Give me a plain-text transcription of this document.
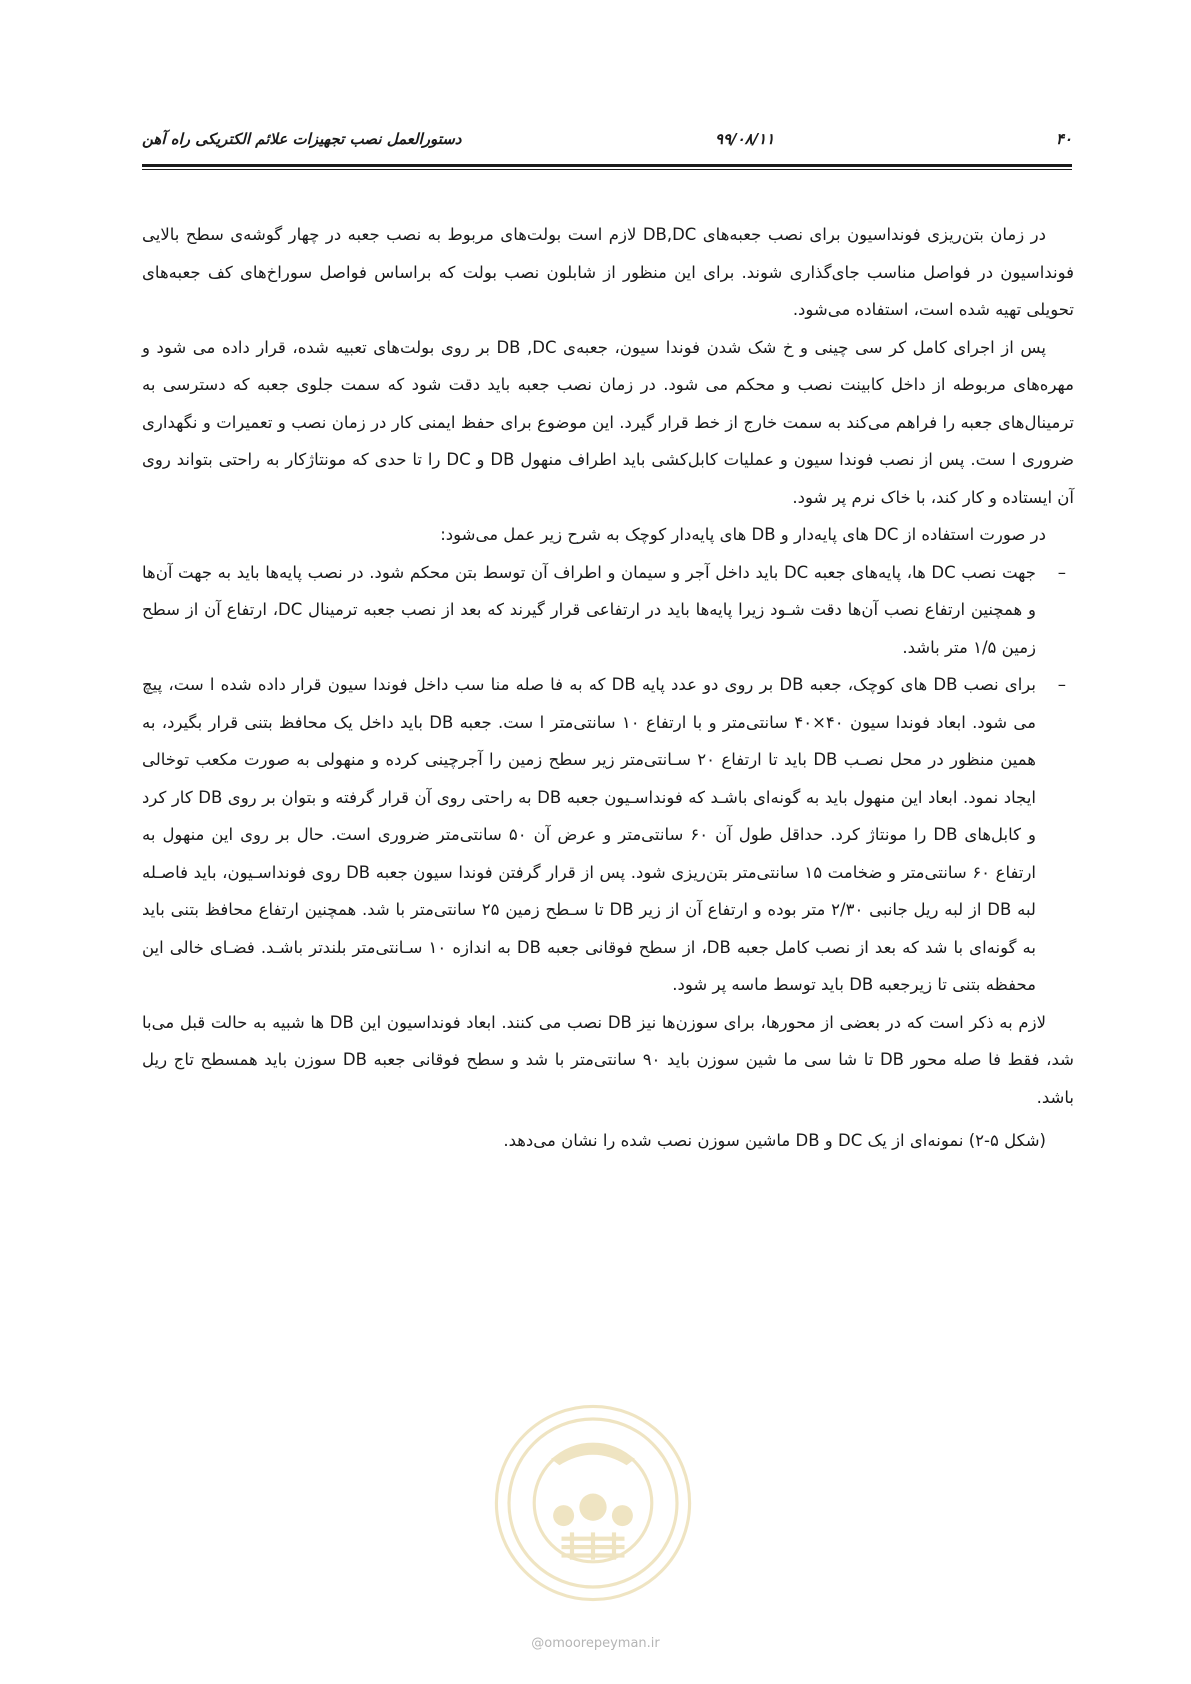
۴۰
۹۹/۰۸/۱۱
دستورالعمل نصب تجهیزات علائم الکتریکی راه آهن

در زمان بتن‌ریزی فونداسیون برای نصب جعبه‌های DB,DC لازم است بولت‌های مربوط به نصب جعبه در چهار گوشه‌ی سطح بالایی فونداسیون در فواصل مناسب جای‌گذاری شوند. برای این منظور از شابلون نصب بولت که براساس فواصل سوراخ‌های کف جعبه‌های تحویلی تهیه شده است، استفاده می‌شود.

پس از اجرای کامل کر سی چینی و خ شک شدن فوندا سیون، جعبه‌ی DB ,DC بر روی بولت‌های تعبیه شده، قرار داده می شود و مهره‌های مربوطه از داخل کابینت نصب و محکم می شود. در زمان نصب جعبه باید دقت شود که سمت جلوی جعبه که دسترسی به ترمینال‌های جعبه را فراهم می‌کند به سمت خارج از خط قرار گیرد. این موضوع برای حفظ ایمنی کار در زمان نصب و تعمیرات و نگهداری ضروری ا ست. پس از نصب فوندا سیون و عملیات کابل‌کشی باید اطراف منهول DB و DC را تا حدی که مونتاژکار به راحتی بتواند روی آن ایستاده و کار کند، با خاک نرم پر شود.

در صورت استفاده از DC های پایه‌دار و DB های پایه‌دار کوچک به شرح زیر عمل می‌شود:

–
جهت نصب DC ها، پایه‌های جعبه DC باید داخل آجر و سیمان و اطراف آن توسط بتن محکم شود. در نصب پایه‌ها باید به جهت آن‌ها و همچنین ارتفاع نصب آن‌ها دقت شـود زیرا پایه‌ها باید در ارتفاعی قرار گیرند که بعد از نصب جعبه ترمینال DC، ارتفاع آن از سطح زمین ۱/۵ متر باشد.
–
برای نصب DB های کوچک، جعبه DB بر روی دو عدد پایه DB که به فا صله منا سب داخل فوندا سیون قرار داده شده ا ست، پیچ می شود. ابعاد فوندا سیون ۴۰×۴۰ سانتی‌متر و با ارتفاع ۱۰ سانتی‌متر ا ست. جعبه DB باید داخل یک محافظ بتنی قرار بگیرد، به همین منظور در محل نصـب DB باید تا ارتفاع ۲۰ سـانتی‌متر زیر سطح زمین را آجرچینی کرده و منهولی به صورت مکعب توخالی ایجاد نمود. ابعاد این منهول باید به گونه‌ای باشـد که فونداسـیون جعبه DB به راحتی روی آن قرار گرفته و بتوان بر روی DB کار کرد و کابل‌های DB را مونتاژ کرد. حداقل طول آن ۶۰ سانتی‌متر و عرض آن ۵۰ سانتی‌متر ضروری است. حال بر روی این منهول به ارتفاع ۶۰ سانتی‌متر و ضخامت ۱۵ سانتی‌متر بتن‌ریزی شود. پس از قرار گرفتن فوندا سیون جعبه DB روی فونداسـیون، باید فاصـله لبه DB از لبه ریل جانبی ۲/۳۰ متر بوده و ارتفاع آن از زیر DB تا سـطح زمین ۲۵ سانتی‌متر با شد. همچنین ارتفاع محافظ بتنی باید به گونه‌ای با شد که بعد از نصب کامل جعبه DB، از سطح فوقانی جعبه DB به اندازه ۱۰ سـانتی‌متر بلندتر باشـد. فضـای خالی این محفظه بتنی تا زیرجعبه DB باید توسط ماسه پر شود.

لازم به ذکر است که در بعضی از محورها، برای سوزن‌ها نیز DB نصب می کنند. ابعاد فونداسیون این DB ها شبیه به حالت قبل می‌با شد، فقط فا صله محور DB تا شا سی ما شین سوزن باید ۹۰ سانتی‌متر با شد و سطح فوقانی جعبه DB سوزن باید همسطح تاج ریل باشد.

(شکل ۵-۲) نمونه‌ای از یک DC و DB ماشین سوزن نصب شده را نشان می‌دهد.

@omoorepeyman.ir
